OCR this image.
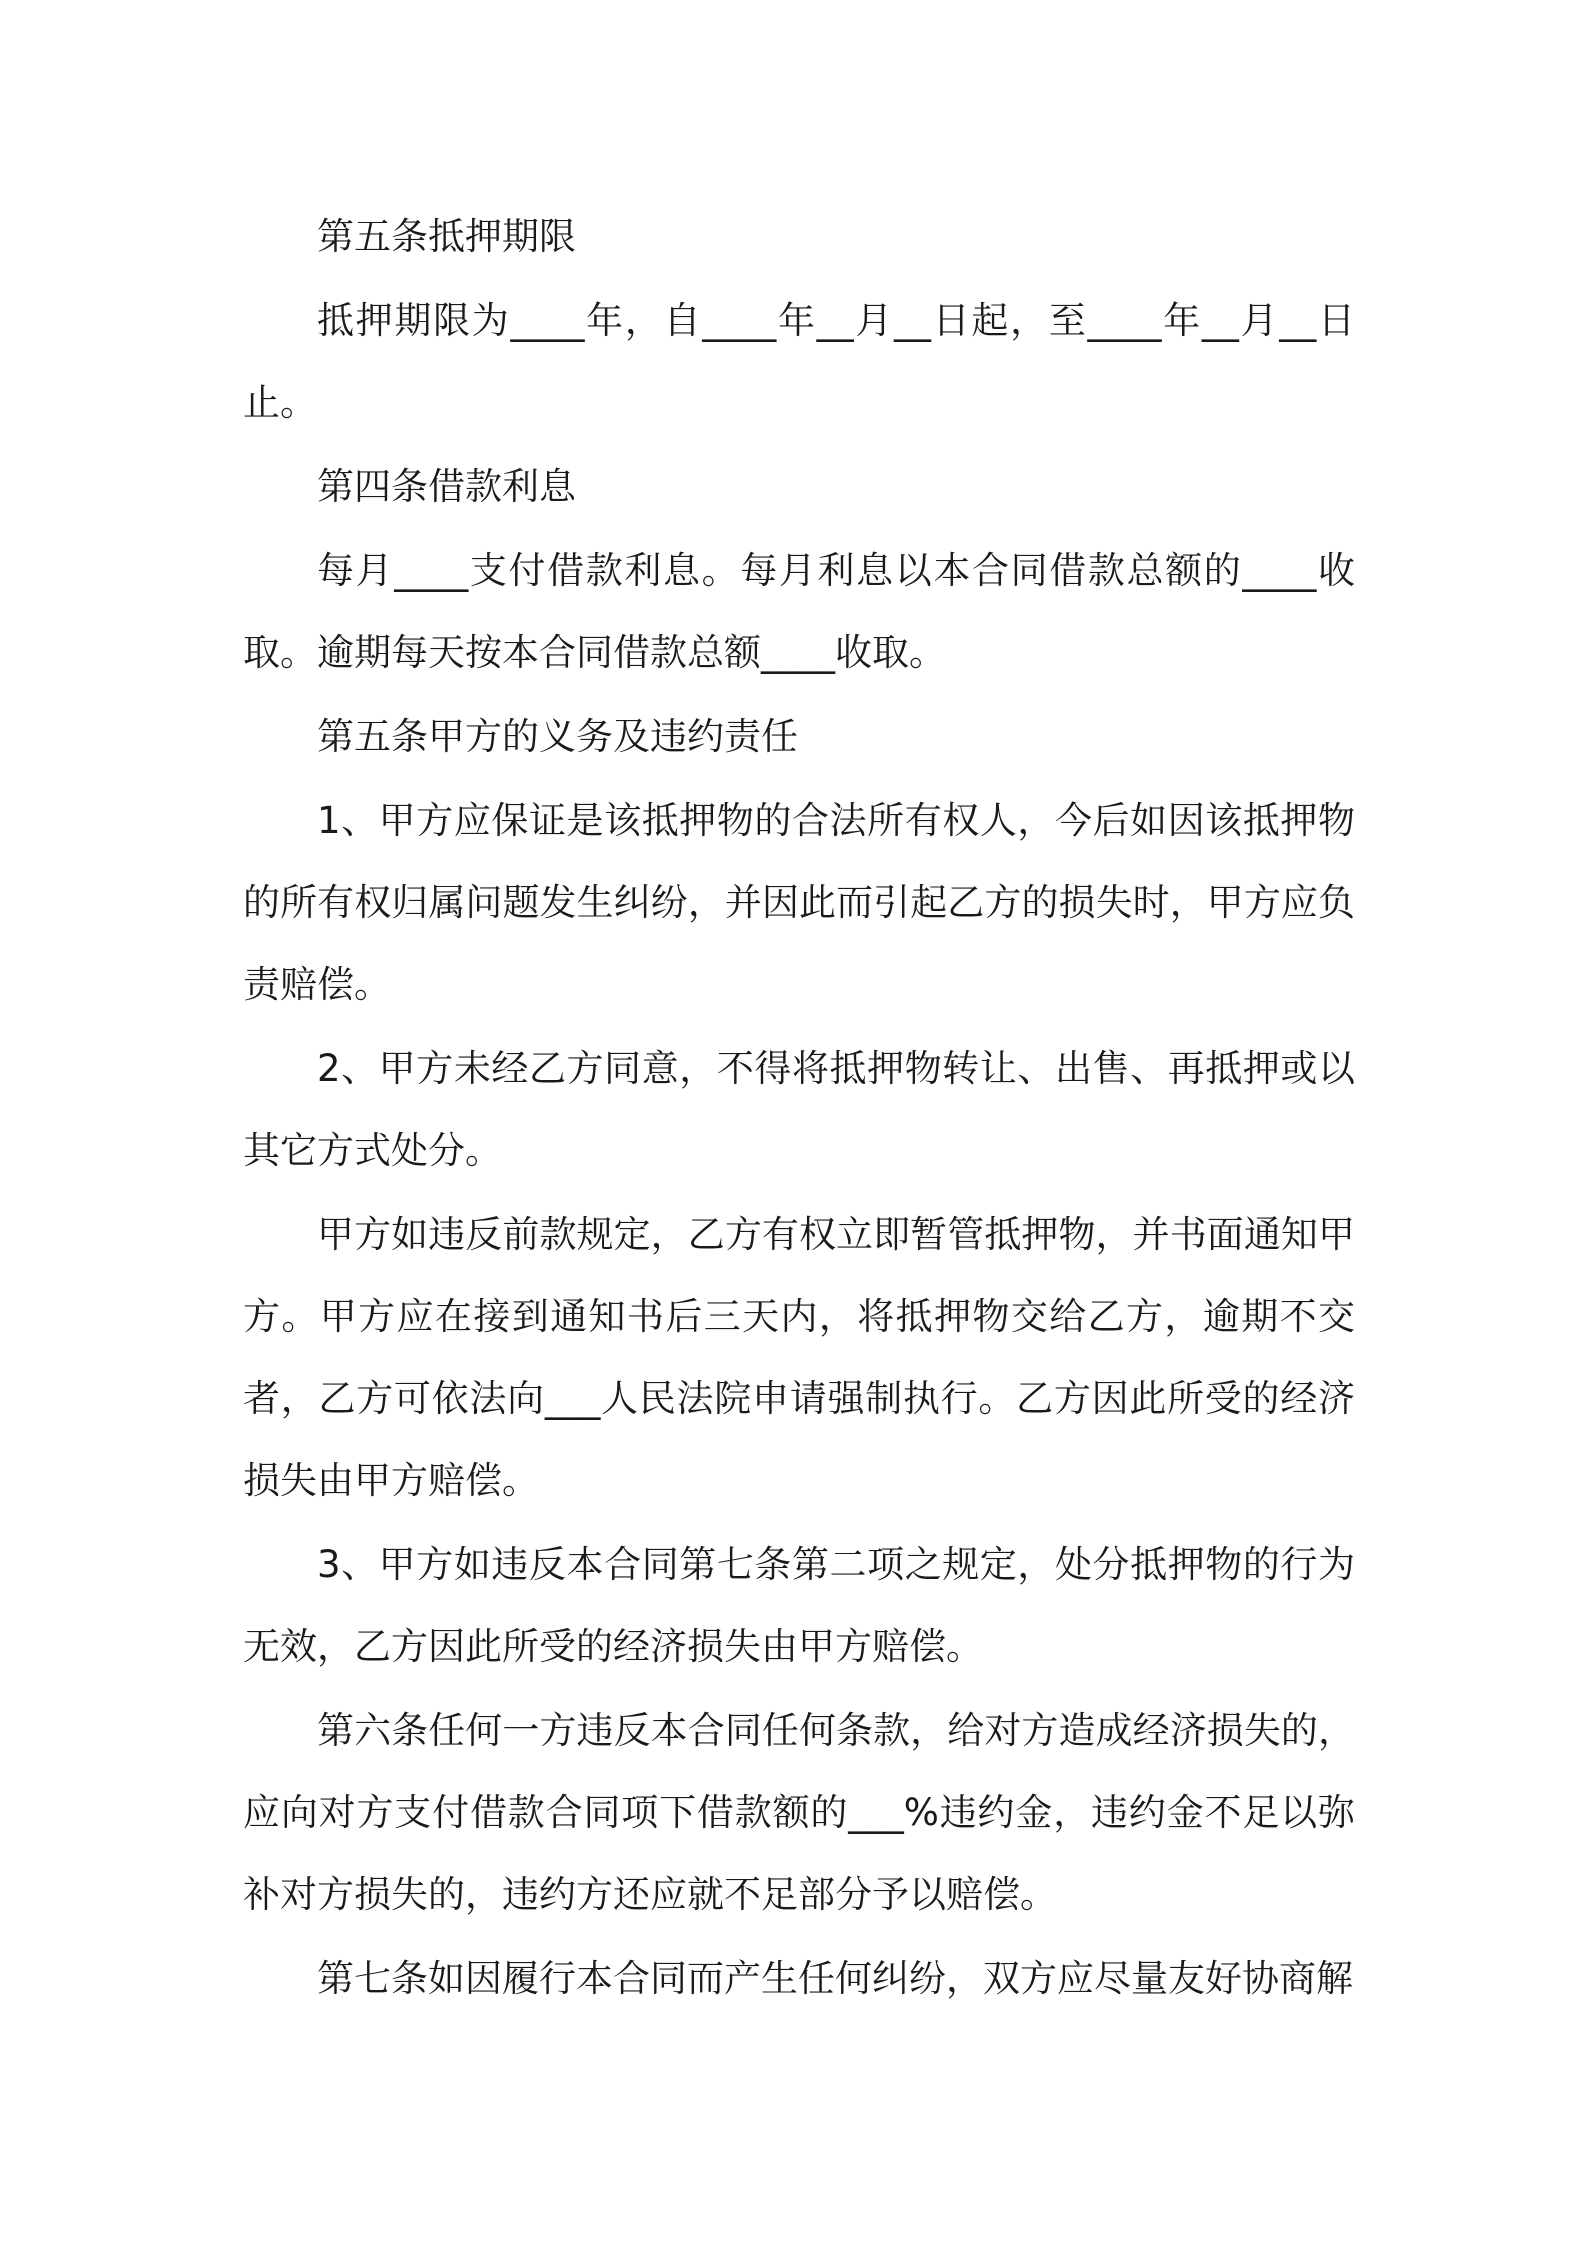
第五条抵押期限

抵押期限为____年，自____年__月__日起，至____年__月__日止。

第四条借款利息

每月____支付借款利息。每月利息以本合同借款总额的____收取。逾期每天按本合同借款总额____收取。

第五条甲方的义务及违约责任

1、甲方应保证是该抵押物的合法所有权人，今后如因该抵押物的所有权归属问题发生纠纷，并因此而引起乙方的损失时，甲方应负责赔偿。

2、甲方未经乙方同意，不得将抵押物转让、出售、再抵押或以其它方式处分。

甲方如违反前款规定，乙方有权立即暂管抵押物，并书面通知甲方。甲方应在接到通知书后三天内，将抵押物交给乙方，逾期不交者，乙方可依法向___人民法院申请强制执行。乙方因此所受的经济损失由甲方赔偿。

3、甲方如违反本合同第七条第二项之规定，处分抵押物的行为无效，乙方因此所受的经济损失由甲方赔偿。

第六条任何一方违反本合同任何条款，给对方造成经济损失的，应向对方支付借款合同项下借款额的___%违约金，违约金不足以弥补对方损失的，违约方还应就不足部分予以赔偿。

第七条如因履行本合同而产生任何纠纷，双方应尽量友好协商解
